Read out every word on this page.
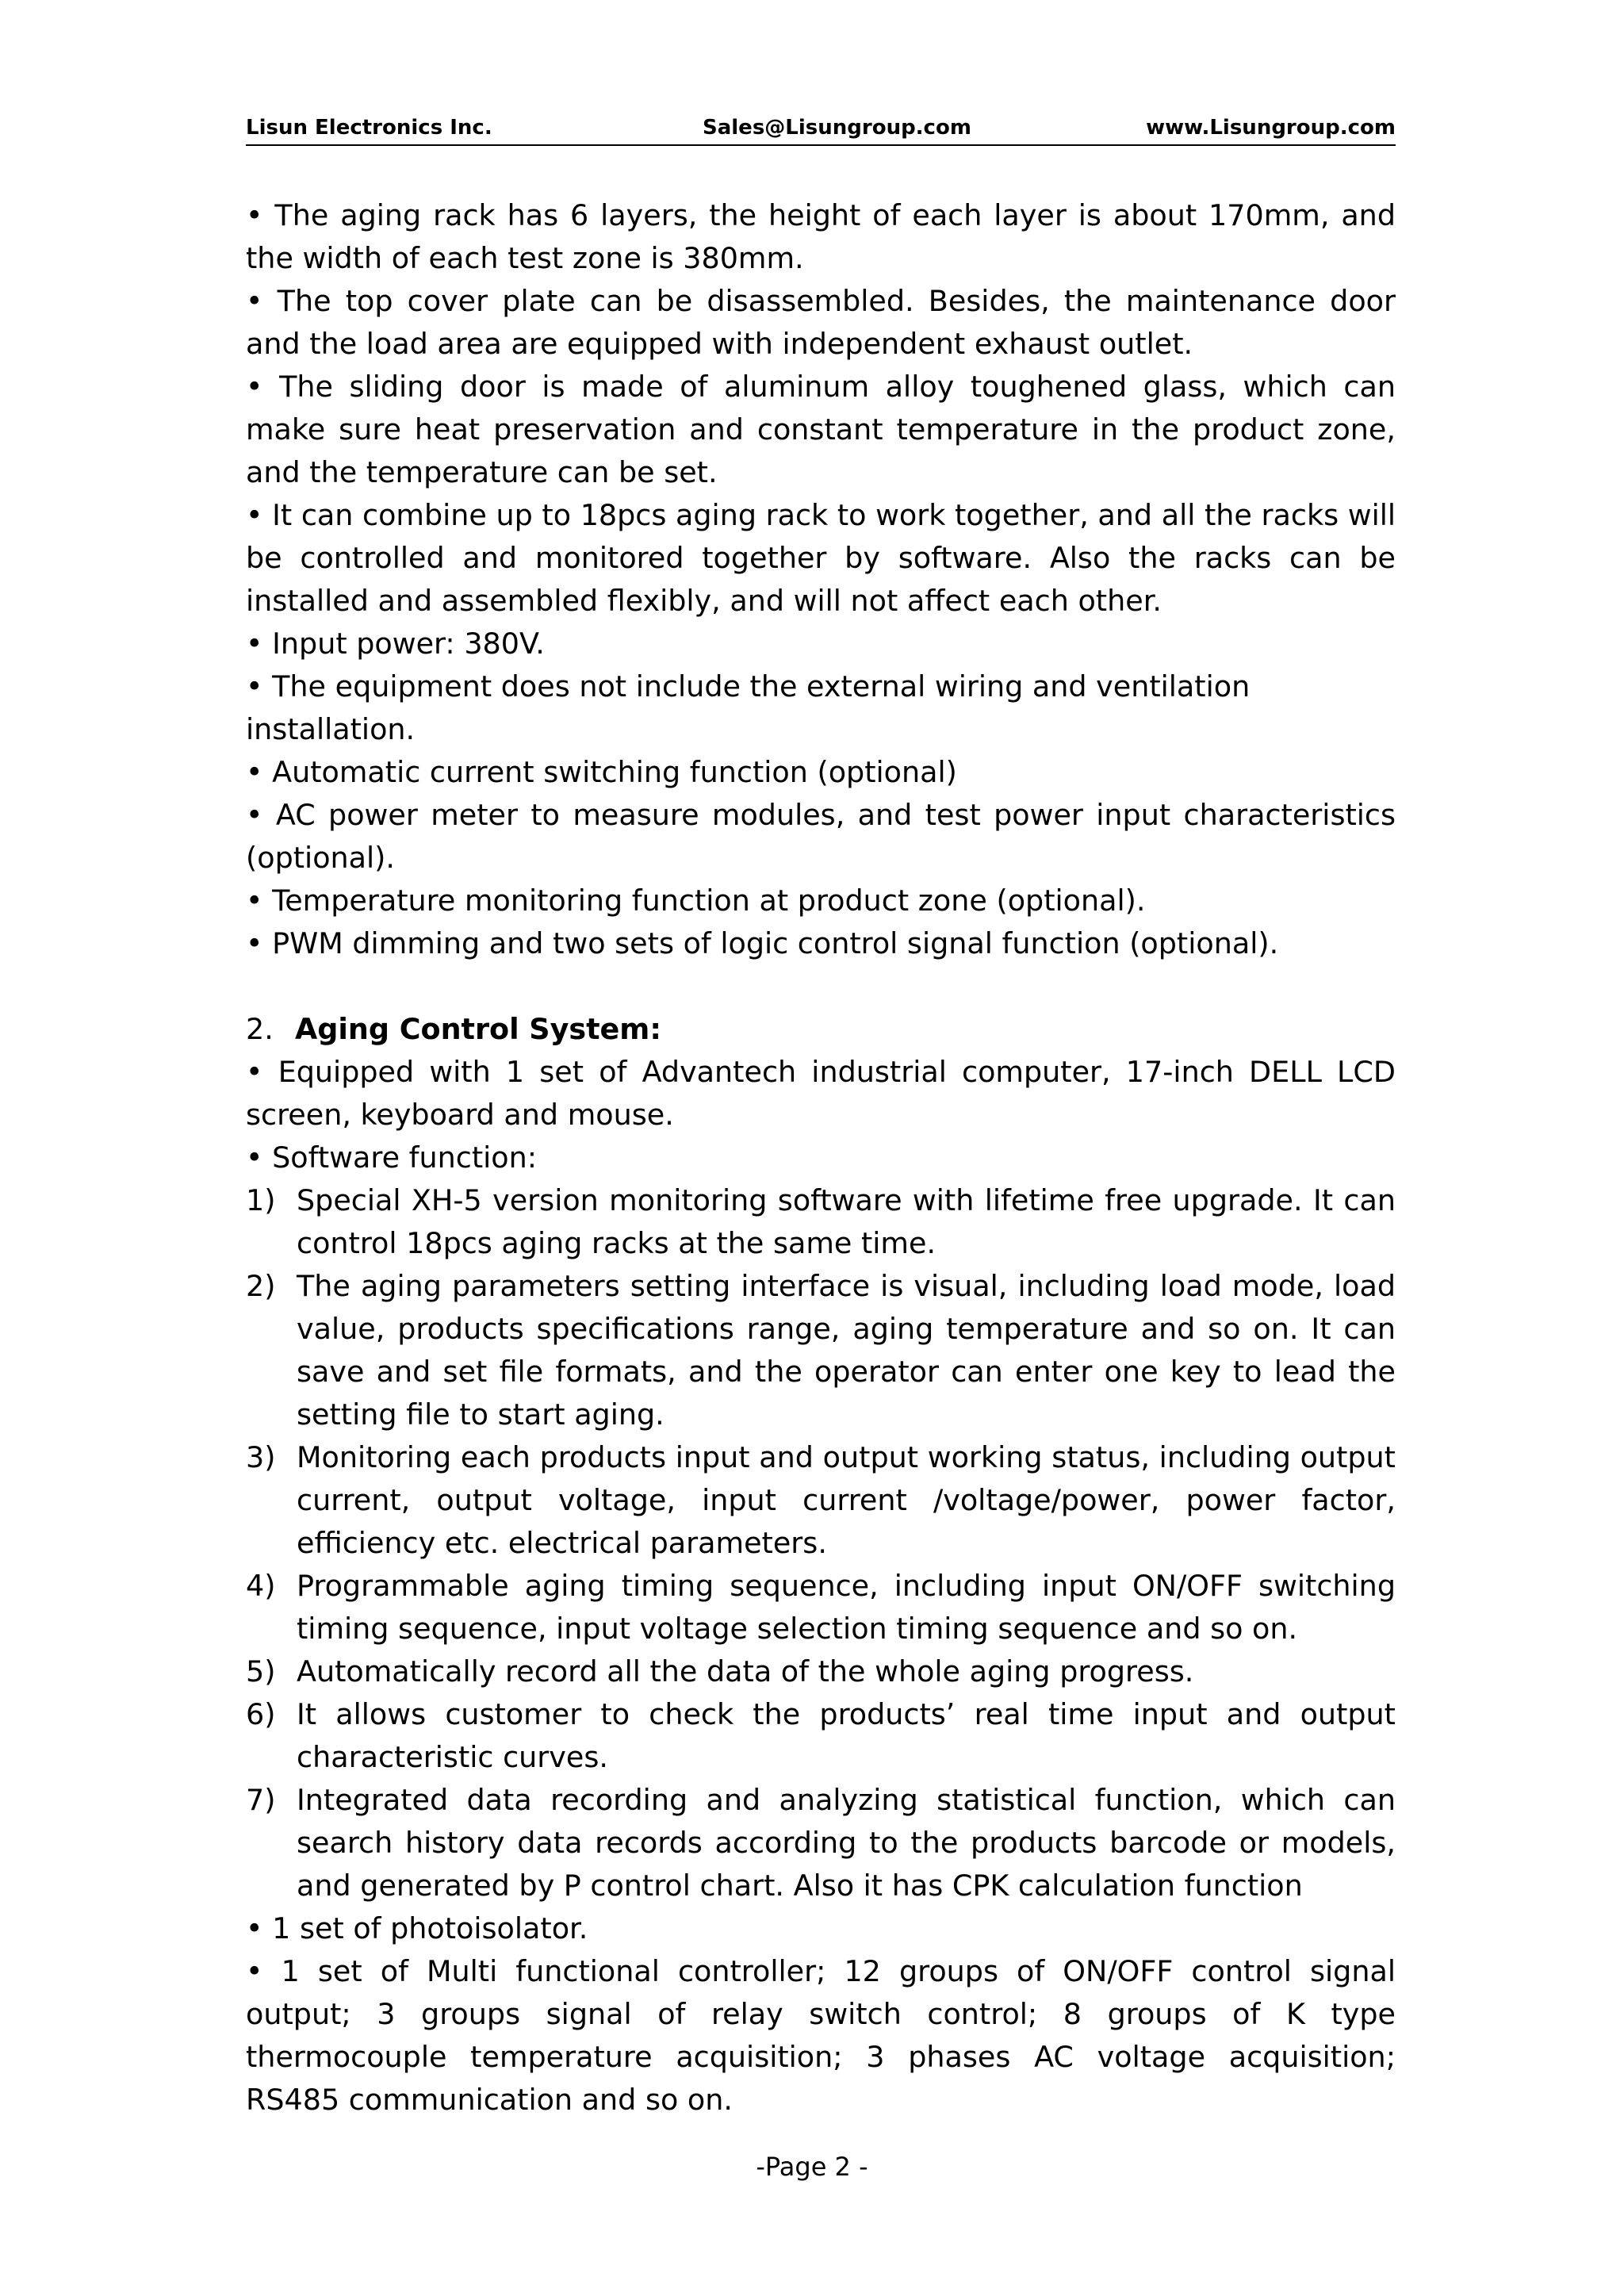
Lisun Electronics Inc.	Sales@Lisungroup.com	www.Lisungroup.com

• The aging rack has 6 layers, the height of each layer is about 170mm, and the width of each test zone is 380mm.

• The top cover plate can be disassembled. Besides, the maintenance door and the load area are equipped with independent exhaust outlet.

• The sliding door is made of aluminum alloy toughened glass, which can make sure heat preservation and constant temperature in the product zone, and the temperature can be set.

• It can combine up to 18pcs aging rack to work together, and all the racks will be controlled and monitored together by software. Also the racks can be installed and assembled flexibly, and will not affect each other.

• Input power: 380V.

• The equipment does not include the external wiring and ventilation installation.

• Automatic current switching function (optional)

• AC power meter to measure modules, and test power input characteristics (optional).

• Temperature monitoring function at product zone (optional).

• PWM dimming and two sets of logic control signal function (optional).

2. Aging Control System:

• Equipped with 1 set of Advantech industrial computer, 17-inch DELL LCD screen, keyboard and mouse.

• Software function:

1) Special XH-5 version monitoring software with lifetime free upgrade. It can control 18pcs aging racks at the same time.
2) The aging parameters setting interface is visual, including load mode, load value, products specifications range, aging temperature and so on. It can save and set file formats, and the operator can enter one key to lead the setting file to start aging.
3) Monitoring each products input and output working status, including output current, output voltage, input current /voltage/power, power factor, efficiency etc. electrical parameters.
4) Programmable aging timing sequence, including input ON/OFF switching timing sequence, input voltage selection timing sequence and so on.
5) Automatically record all the data of the whole aging progress.
6) It allows customer to check the products’ real time input and output characteristic curves.
7) Integrated data recording and analyzing statistical function, which can search history data records according to the products barcode or models, and generated by P control chart. Also it has CPK calculation function

• 1 set of photoisolator.

• 1 set of Multi functional controller; 12 groups of ON/OFF control signal output; 3 groups signal of relay switch control; 8 groups of K type thermocouple temperature acquisition; 3 phases AC voltage acquisition; RS485 communication and so on.

-Page 2 -
